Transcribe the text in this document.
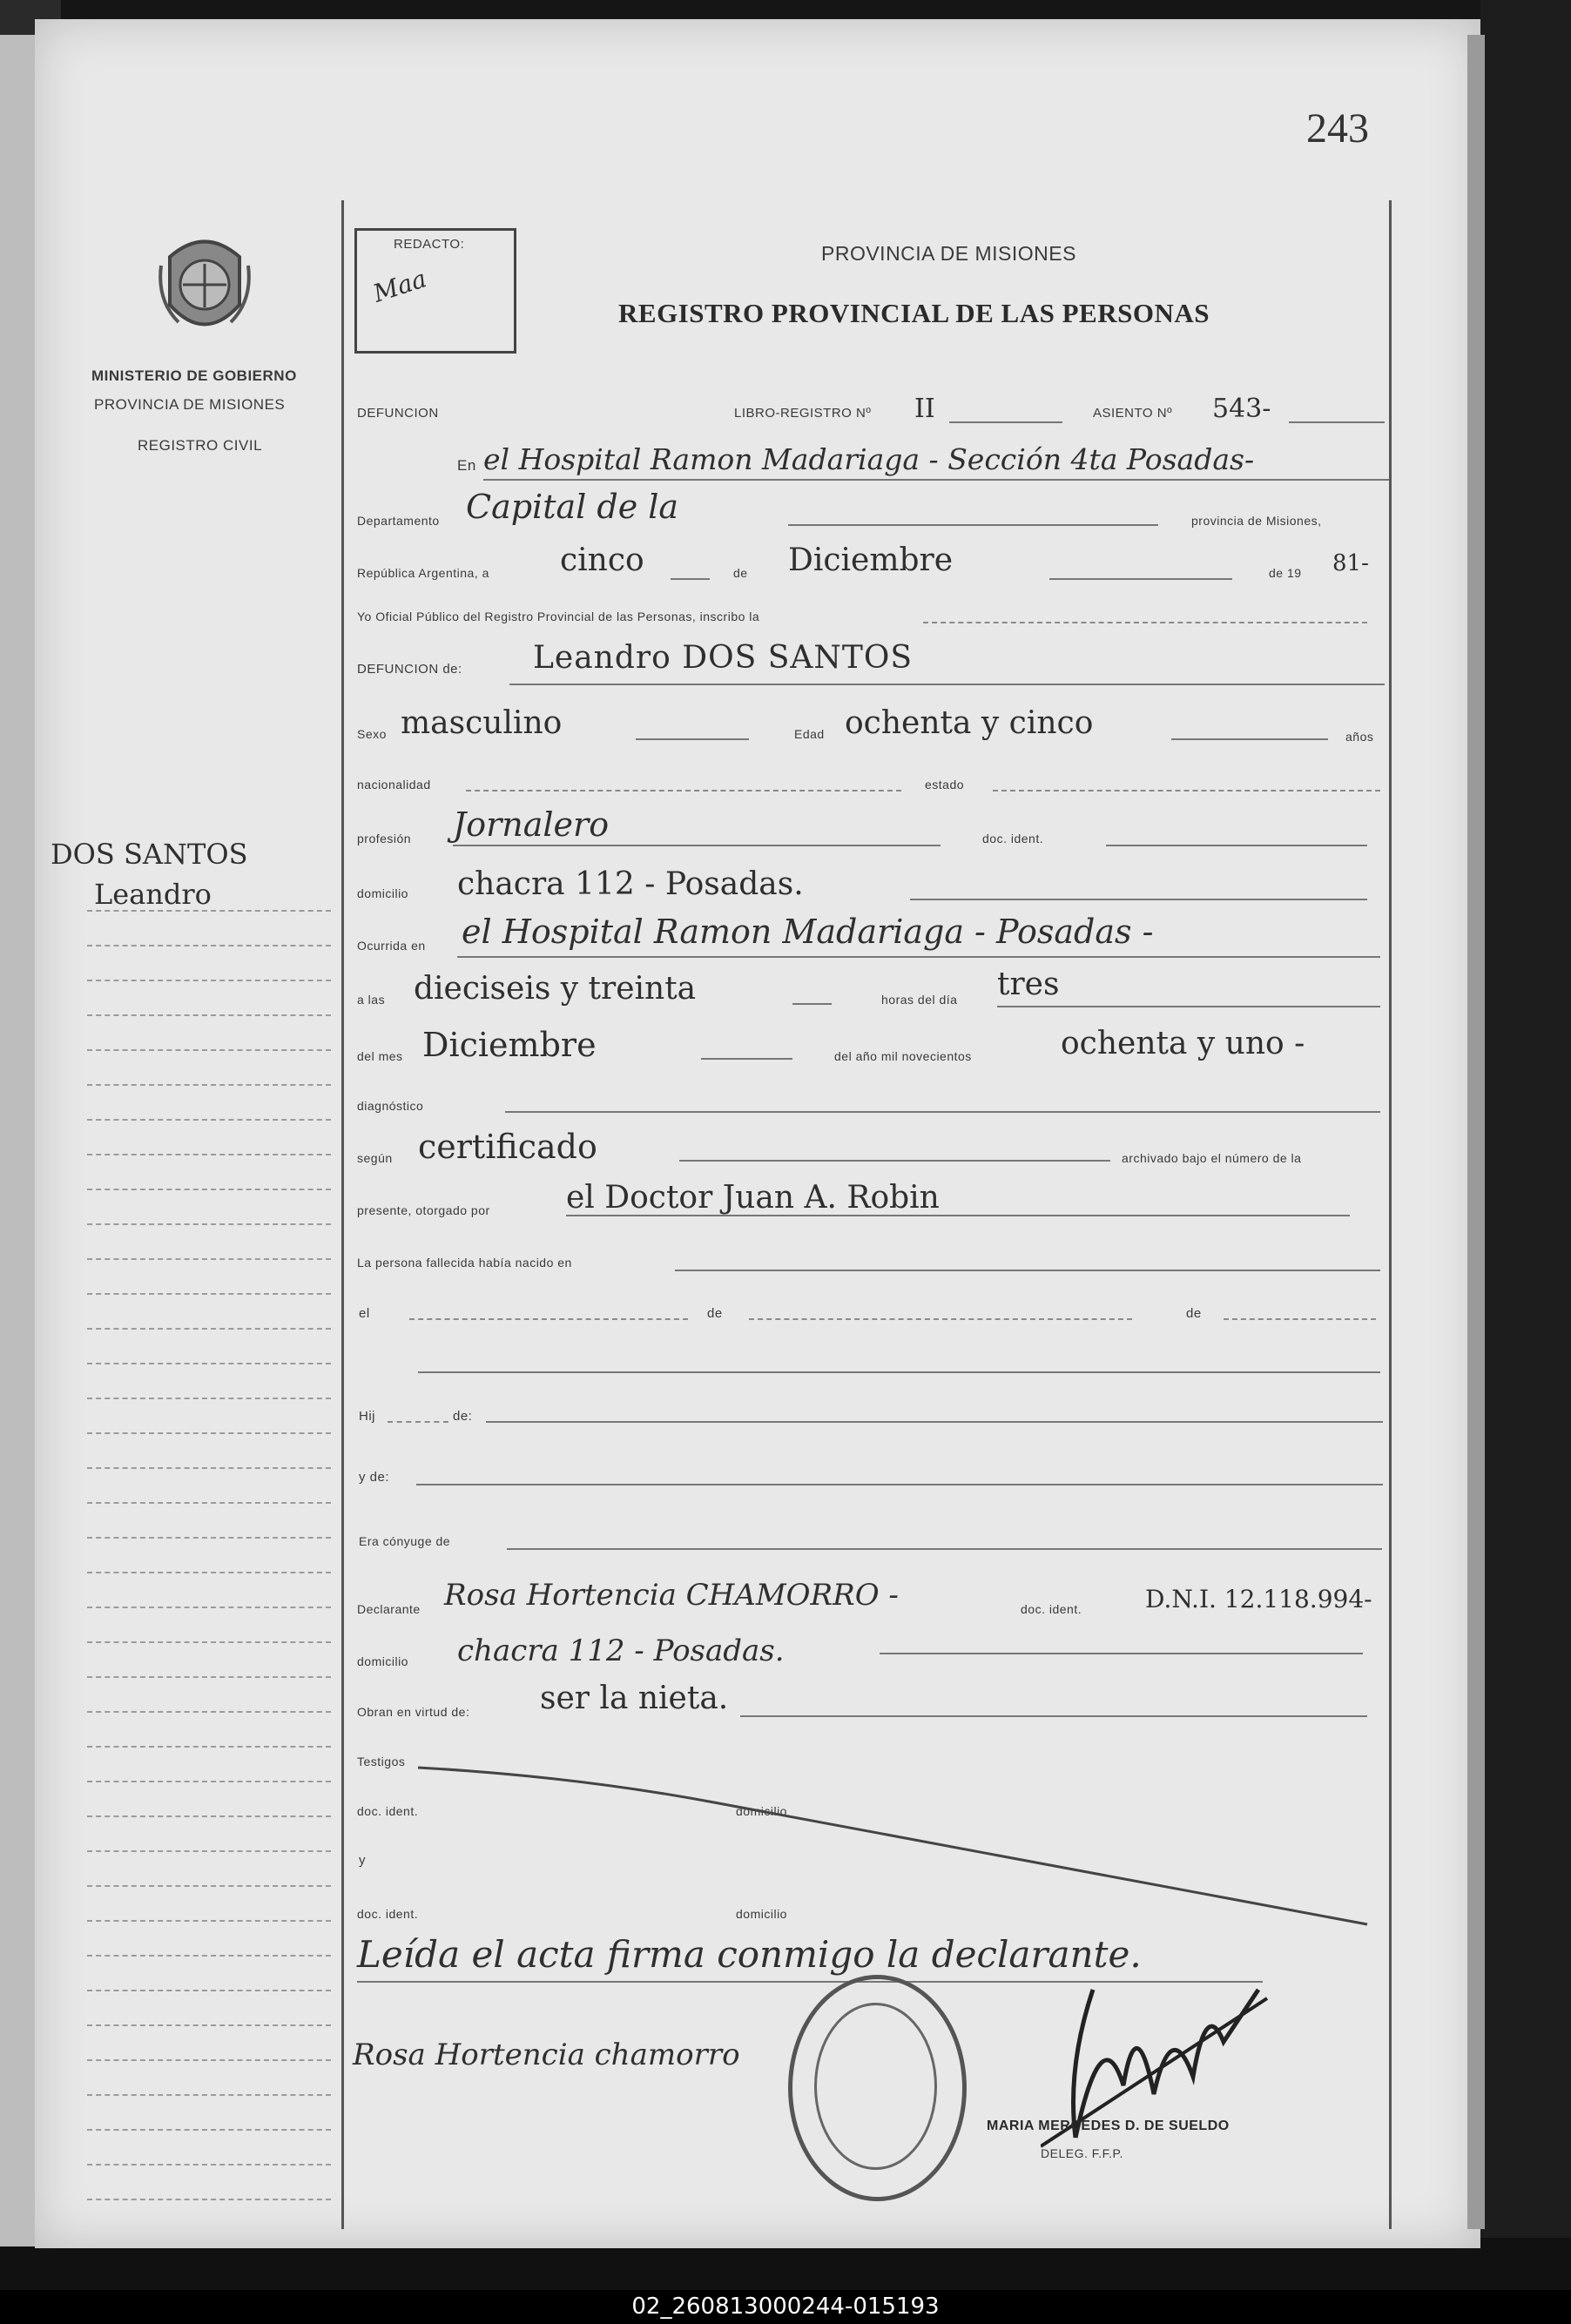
243
MINISTERIO DE GOBIERNO
PROVINCIA DE MISIONES
REGISTRO CIVIL
REDACTO:
Maa
PROVINCIA DE MISIONES
REGISTRO PROVINCIAL DE LAS PERSONAS
DEFUNCION	LIBRO-REGISTRO Nº II	ASIENTO Nº 543-
En el Hospital Ramon Madariaga - Sección 4ta Posadas-
Departamento Capital de la	provincia de Misiones,
República Argentina, a cinco	de Diciembre	de 19 81-
Yo Oficial Público del Registro Provincial de las Personas, inscribo la
DEFUNCION de: Leandro DOS SANTOS
Sexo masculino	Edad ochenta y cinco	años
nacionalidad	estado
profesión Jornalero	doc. ident.
domicilio chacra 112 - Posadas.
Ocurrida en el Hospital Ramon Madariaga - Posadas -
a las dieciseis y treinta	horas del día tres
del mes Diciembre	del año mil novecientos	ochenta y uno -
diagnóstico
según certificado	archivado bajo el número de la
presente, otorgado por el Doctor Juan A. Robin
La persona fallecida había nacido en
el	de	de
Hij	de:
y de:
Era cónyuge de
Declarante Rosa Hortencia CHAMORRO -	doc. ident.	D.N.I. 12.118.994-
domicilio chacra 112 - Posadas.
Obran en virtud de: ser la nieta.
Testigos
doc. ident.	domicilio
y
doc. ident.	domicilio
Leída el acta firma conmigo la declarante.
Rosa Hortencia chamorro
MARIA MERCEDES D. DE SUELDO
DELEG. F.F.P.
DOS SANTOS
Leandro
02_260813000244-015193
